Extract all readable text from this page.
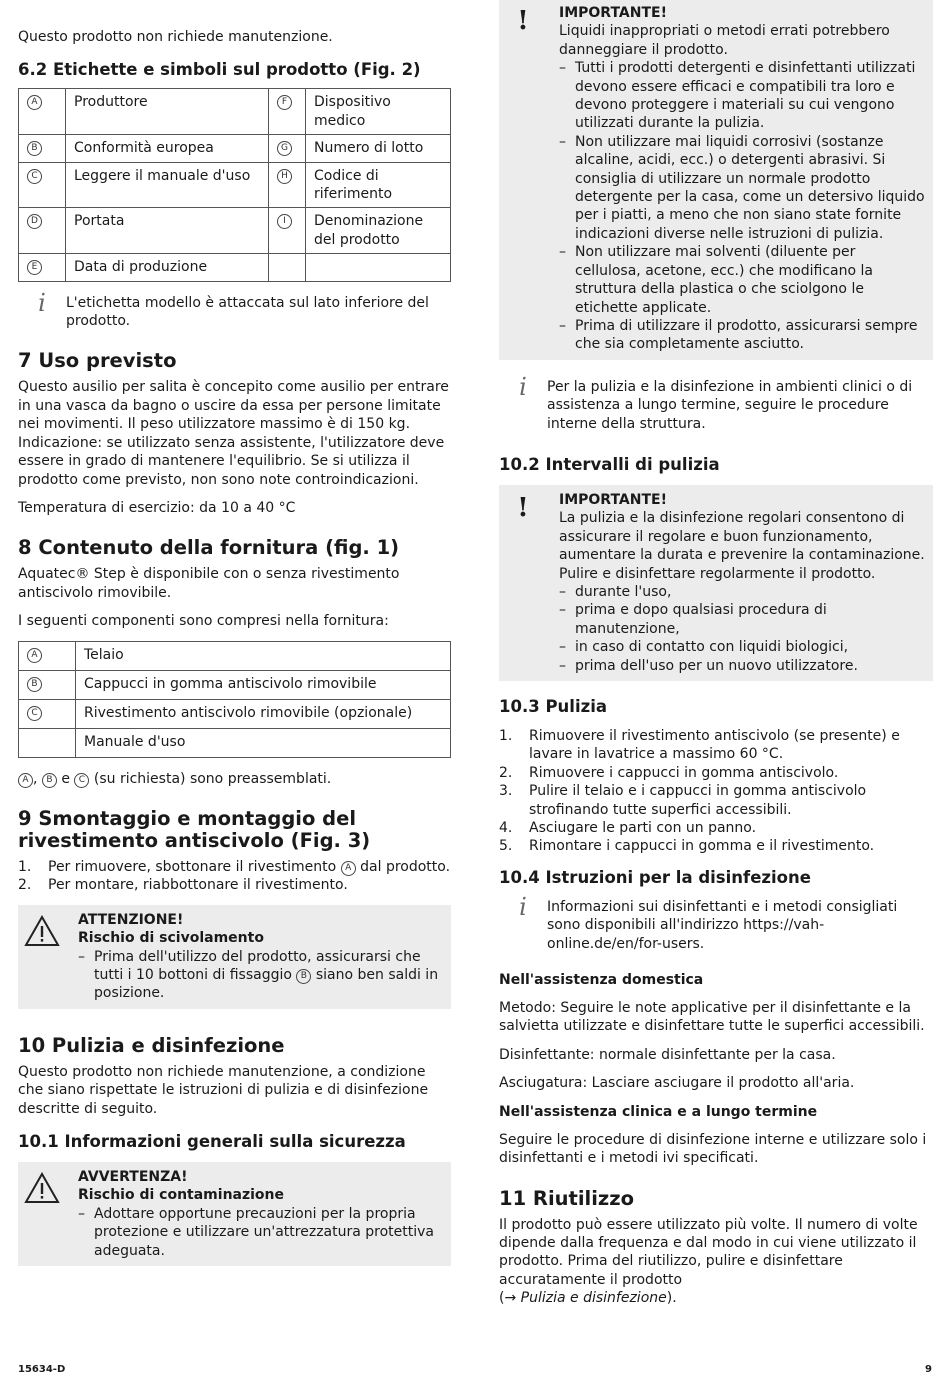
Questo prodotto non richiede manutenzione.

6.2 Etichette e simboli sul prodotto (Fig. 2)
A	Produttore	F	Dispositivo medico
B	Conformità europea	G	Numero di lotto
C	Leggere il manuale d'uso	H	Codice di riferimento
D	Portata	I	Denominazione del prodotto
E	Data di produzione		
i	L'etichetta modello è attaccata sul lato inferiore del prodotto.
7 Uso previsto

Questo ausilio per salita è concepito come ausilio per entrare in una vasca da bagno o uscire da essa per persone limitate nei movimenti. Il peso utilizzatore massimo è di 150 kg. Indicazione: se utilizzato senza assistente, l'utilizzatore deve essere in grado di mantenere l'equilibrio. Se si utilizza il prodotto come previsto, non sono note controindicazioni.

Temperatura di esercizio: da 10 a 40 °C

8 Contenuto della fornitura (fig. 1)

Aquatec® Step è disponibile con o senza rivestimento antiscivolo rimovibile.

I seguenti componenti sono compresi nella fornitura:

A	Telaio
B	Cappucci in gomma antiscivolo rimovibile
C	Rivestimento antiscivolo rimovibile (opzionale)
	Manuale d'uso

A , B e C (su richiesta) sono preassemblati.

9 Smontaggio e montaggio del rivestimento antiscivolo (Fig. 3)
1. Per rimuovere, sbottonare il rivestimento A dal prodotto.
2. Per montare, riabbottonare il rivestimento.
ATTENZIONE!
Rischio di scivolamento
– Prima dell'utilizzo del prodotto, assicurarsi che tutti i 10 bottoni di fissaggio B siano ben saldi in posizione.
10 Pulizia e disinfezione

Questo prodotto non richiede manutenzione, a condizione che siano rispettate le istruzioni di pulizia e di disinfezione descritte di seguito.

10.1 Informazioni generali sulla sicurezza
AVVERTENZA!
Rischio di contaminazione
– Adottare opportune precauzioni per la propria protezione e utilizzare un'attrezzatura protettiva adeguata.
!	IMPORTANTE!
Liquidi inappropriati o metodi errati potrebbero danneggiare il prodotto.
– Tutti i prodotti detergenti e disinfettanti utilizzati devono essere efficaci e compatibili tra loro e devono proteggere i materiali su cui vengono utilizzati durante la pulizia.
– Non utilizzare mai liquidi corrosivi (sostanze alcaline, acidi, ecc.) o detergenti abrasivi. Si consiglia di utilizzare un normale prodotto detergente per la casa, come un detersivo liquido per i piatti, a meno che non siano state fornite indicazioni diverse nelle istruzioni di pulizia.
– Non utilizzare mai solventi (diluente per cellulosa, acetone, ecc.) che modificano la struttura della plastica o che sciolgono le etichette applicate.
– Prima di utilizzare il prodotto, assicurarsi sempre che sia completamente asciutto.
i	Per la pulizia e la disinfezione in ambienti clinici o di assistenza a lungo termine, seguire le procedure interne della struttura.
10.2 Intervalli di pulizia
!	IMPORTANTE!
La pulizia e la disinfezione regolari consentono di assicurare il regolare e buon funzionamento, aumentare la durata e prevenire la contaminazione. Pulire e disinfettare regolarmente il prodotto.
– durante l'uso,
– prima e dopo qualsiasi procedura di manutenzione,
– in caso di contatto con liquidi biologici,
– prima dell'uso per un nuovo utilizzatore.
10.3 Pulizia
1. Rimuovere il rivestimento antiscivolo (se presente) e lavare in lavatrice a massimo 60 °C.
2. Rimuovere i cappucci in gomma antiscivolo.
3. Pulire il telaio e i cappucci in gomma antiscivolo strofinando tutte superfici accessibili.
4. Asciugare le parti con un panno.
5. Rimontare i cappucci in gomma e il rivestimento.
10.4 Istruzioni per la disinfezione
i	Informazioni sui disinfettanti e i metodi consigliati sono disponibili all'indirizzo https://vah-online.de/en/for-users.
Nell'assistenza domestica

Metodo: Seguire le note applicative per il disinfettante e la salvietta utilizzate e disinfettare tutte le superfici accessibili.

Disinfettante: normale disinfettante per la casa.

Asciugatura: Lasciare asciugare il prodotto all'aria.

Nell'assistenza clinica e a lungo termine

Seguire le procedure di disinfezione interne e utilizzare solo i disinfettanti e i metodi ivi specificati.

11 Riutilizzo

Il prodotto può essere utilizzato più volte. Il numero di volte dipende dalla frequenza e dal modo in cui viene utilizzato il prodotto. Prima del riutilizzo, pulire e disinfettare accuratamente il prodotto
(→ Pulizia e disinfezione).

15634-D	9
